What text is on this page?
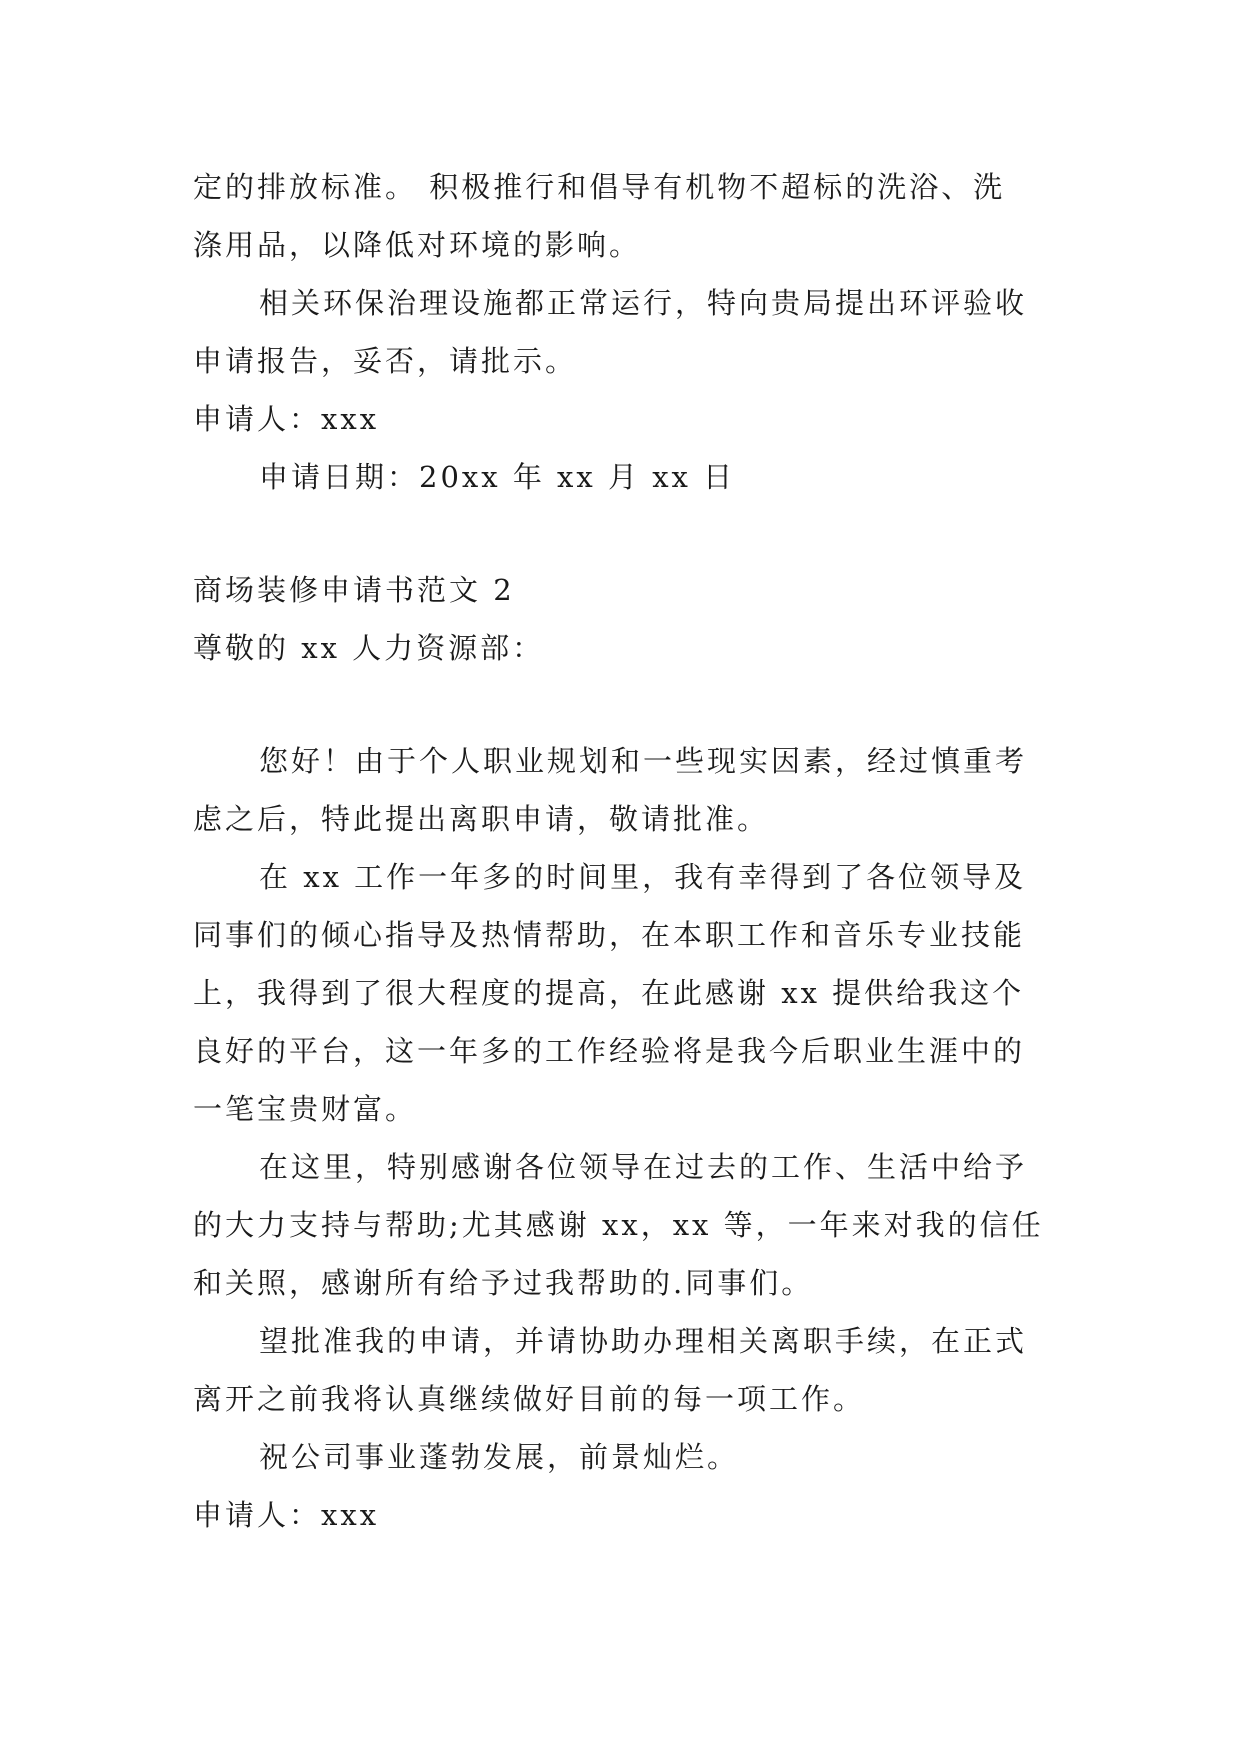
定的排放标准。 积极推行和倡导有机物不超标的洗浴、洗
涤用品，以降低对环境的影响。
相关环保治理设施都正常运行，特向贵局提出环评验收
申请报告，妥否，请批示。
申请人：xxx
申请日期：20xx 年 xx 月 xx 日
商场装修申请书范文 2
尊敬的 xx 人力资源部：
您好！由于个人职业规划和一些现实因素，经过慎重考
虑之后，特此提出离职申请，敬请批准。
在 xx 工作一年多的时间里，我有幸得到了各位领导及
同事们的倾心指导及热情帮助，在本职工作和音乐专业技能
上，我得到了很大程度的提高，在此感谢 xx 提供给我这个
良好的平台，这一年多的工作经验将是我今后职业生涯中的
一笔宝贵财富。
在这里，特别感谢各位领导在过去的工作、生活中给予
的大力支持与帮助;尤其感谢 xx，xx 等，一年来对我的信任
和关照，感谢所有给予过我帮助的.同事们。
望批准我的申请，并请协助办理相关离职手续，在正式
离开之前我将认真继续做好目前的每一项工作。
祝公司事业蓬勃发展，前景灿烂。
申请人：xxx
